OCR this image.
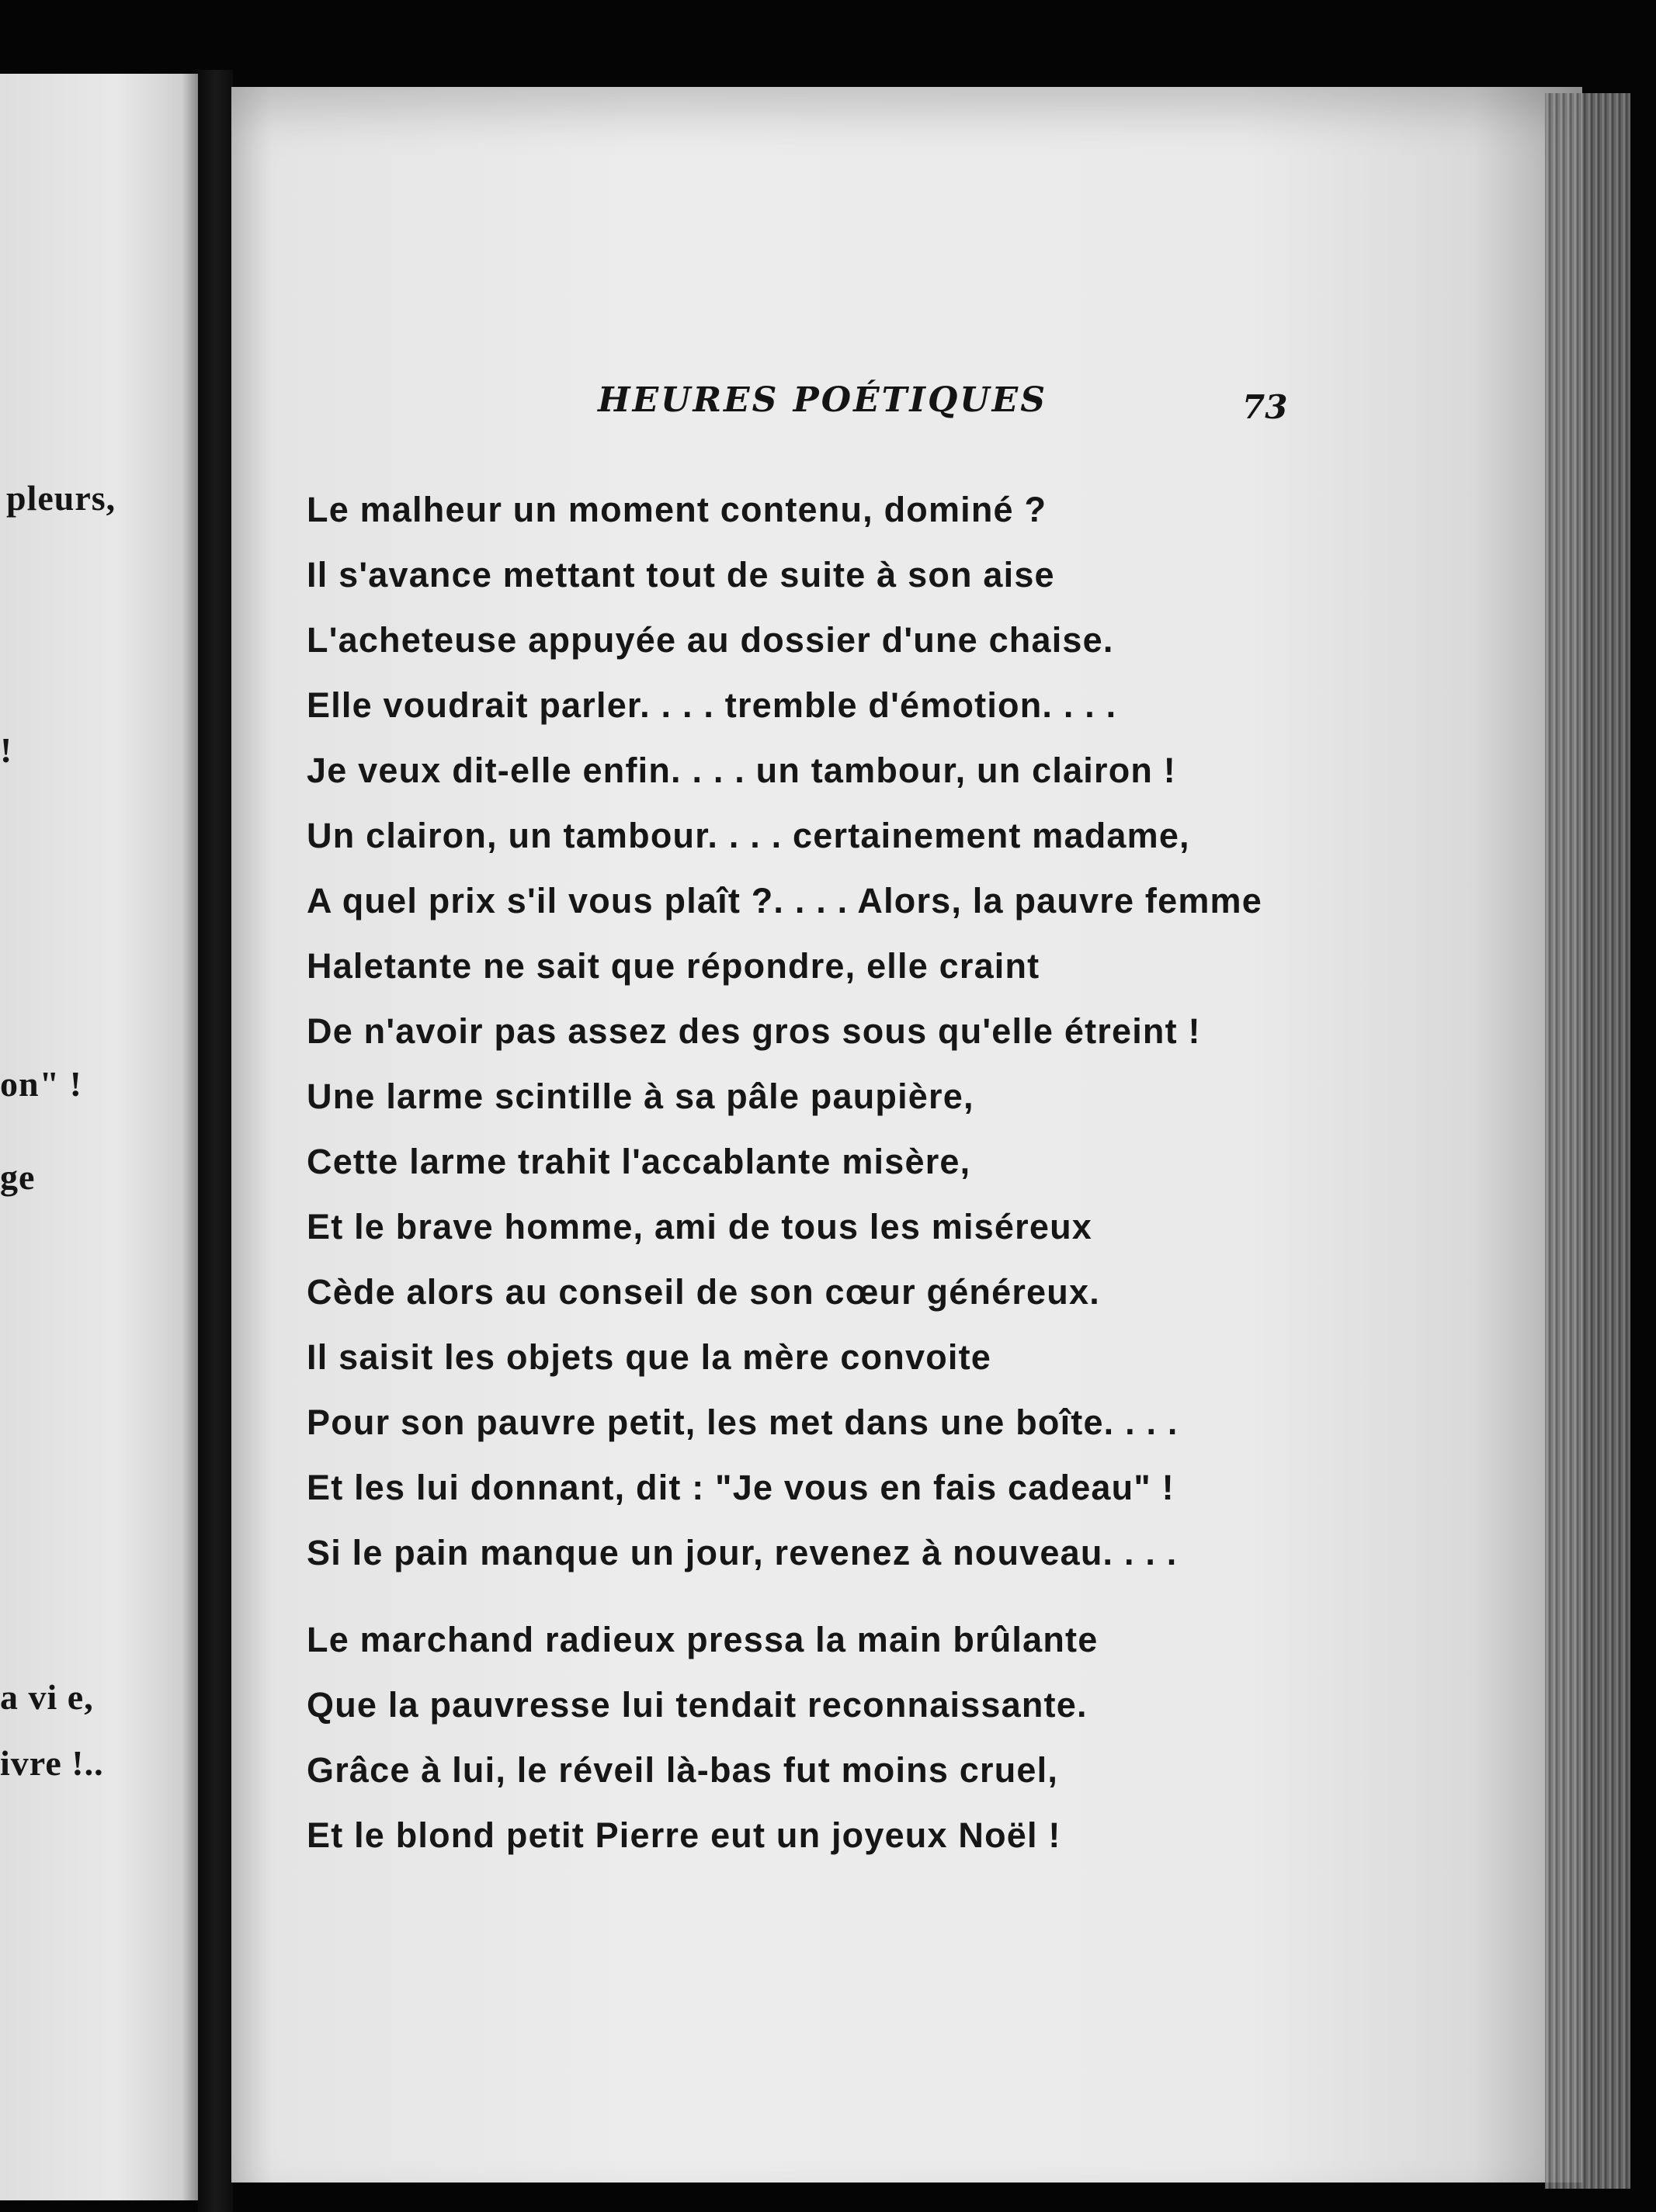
pleurs,
!
on" !
ge
a vi e,
ivre !..
HEURES POÉTIQUES	73
Le malheur un moment contenu, dominé ?
Il s'avance mettant tout de suite à son aise
L'acheteuse appuyée au dossier d'une chaise.
Elle voudrait parler. . . . tremble d'émotion. . . .
Je veux dit-elle enfin. . . . un tambour, un clairon !
Un clairon, un tambour. . . . certainement madame,
A quel prix s'il vous plaît ?. . . . Alors, la pauvre femme
Haletante ne sait que répondre, elle craint
De n'avoir pas assez des gros sous qu'elle étreint !
Une larme scintille à sa pâle paupière,
Cette larme trahit l'accablante misère,
Et le brave homme, ami de tous les miséreux
Cède alors au conseil de son cœur généreux.
Il saisit les objets que la mère convoite
Pour son pauvre petit, les met dans une boîte. . . .
Et les lui donnant, dit : "Je vous en fais cadeau" !
Si le pain manque un jour, revenez à nouveau. . . .
Le marchand radieux pressa la main brûlante
Que la pauvresse lui tendait reconnaissante.
Grâce à lui, le réveil là-bas fut moins cruel,
Et le blond petit Pierre eut un joyeux Noël !
